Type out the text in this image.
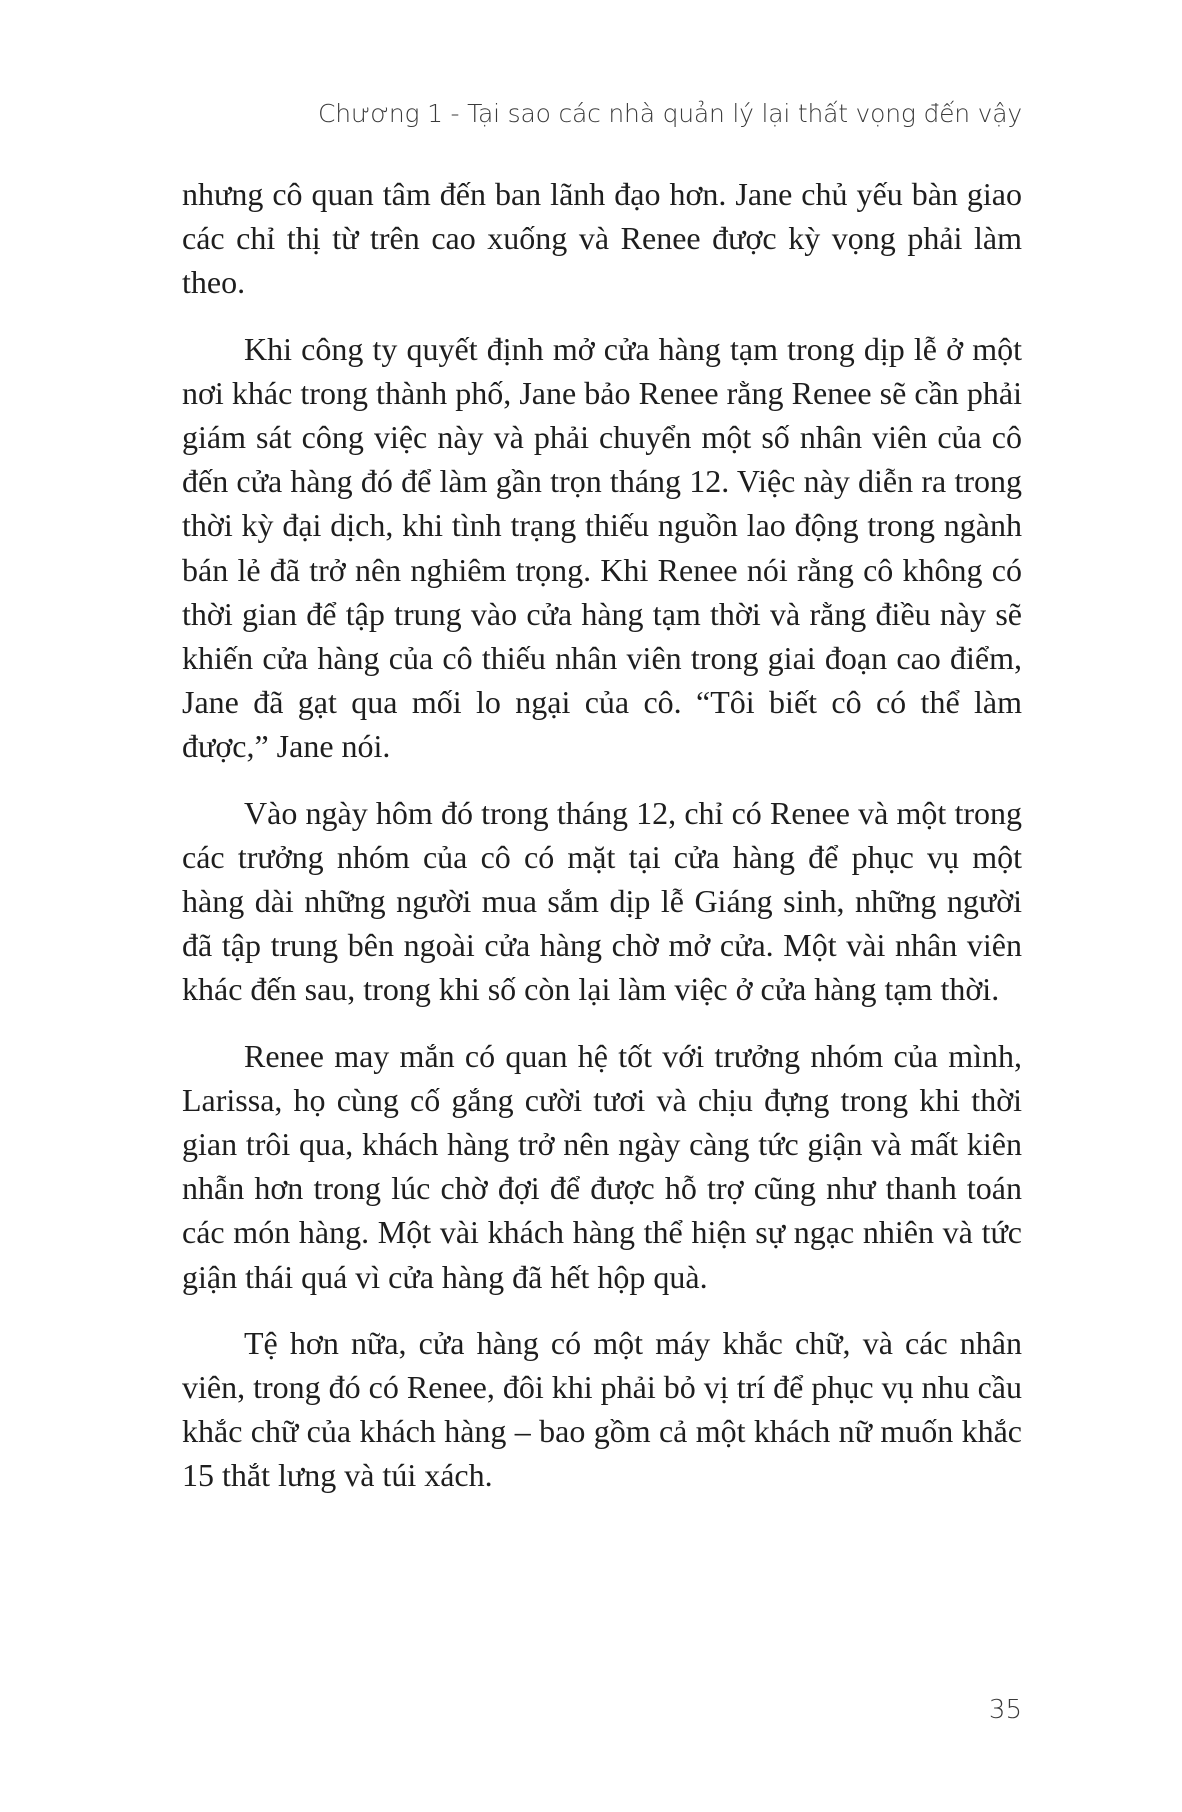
Chương 1 - Tại sao các nhà quản lý lại thất vọng đến vậy

nhưng cô quan tâm đến ban lãnh đạo hơn. Jane chủ yếu bàn giao các chỉ thị từ trên cao xuống và Renee được kỳ vọng phải làm theo.

Khi công ty quyết định mở cửa hàng tạm trong dịp lễ ở một nơi khác trong thành phố, Jane bảo Renee rằng Renee sẽ cần phải giám sát công việc này và phải chuyển một số nhân viên của cô đến cửa hàng đó để làm gần trọn tháng 12. Việc này diễn ra trong thời kỳ đại dịch, khi tình trạng thiếu nguồn lao động trong ngành bán lẻ đã trở nên nghiêm trọng. Khi Renee nói rằng cô không có thời gian để tập trung vào cửa hàng tạm thời và rằng điều này sẽ khiến cửa hàng của cô thiếu nhân viên trong giai đoạn cao điểm, Jane đã gạt qua mối lo ngại của cô. “Tôi biết cô có thể làm được,” Jane nói.

Vào ngày hôm đó trong tháng 12, chỉ có Renee và một trong các trưởng nhóm của cô có mặt tại cửa hàng để phục vụ một hàng dài những người mua sắm dịp lễ Giáng sinh, những người đã tập trung bên ngoài cửa hàng chờ mở cửa. Một vài nhân viên khác đến sau, trong khi số còn lại làm việc ở cửa hàng tạm thời.

Renee may mắn có quan hệ tốt với trưởng nhóm của mình, Larissa, họ cùng cố gắng cười tươi và chịu đựng trong khi thời gian trôi qua, khách hàng trở nên ngày càng tức giận và mất kiên nhẫn hơn trong lúc chờ đợi để được hỗ trợ cũng như thanh toán các món hàng. Một vài khách hàng thể hiện sự ngạc nhiên và tức giận thái quá vì cửa hàng đã hết hộp quà.

Tệ hơn nữa, cửa hàng có một máy khắc chữ, và các nhân viên, trong đó có Renee, đôi khi phải bỏ vị trí để phục vụ nhu cầu khắc chữ của khách hàng – bao gồm cả một khách nữ muốn khắc 15 thắt lưng và túi xách.

35
